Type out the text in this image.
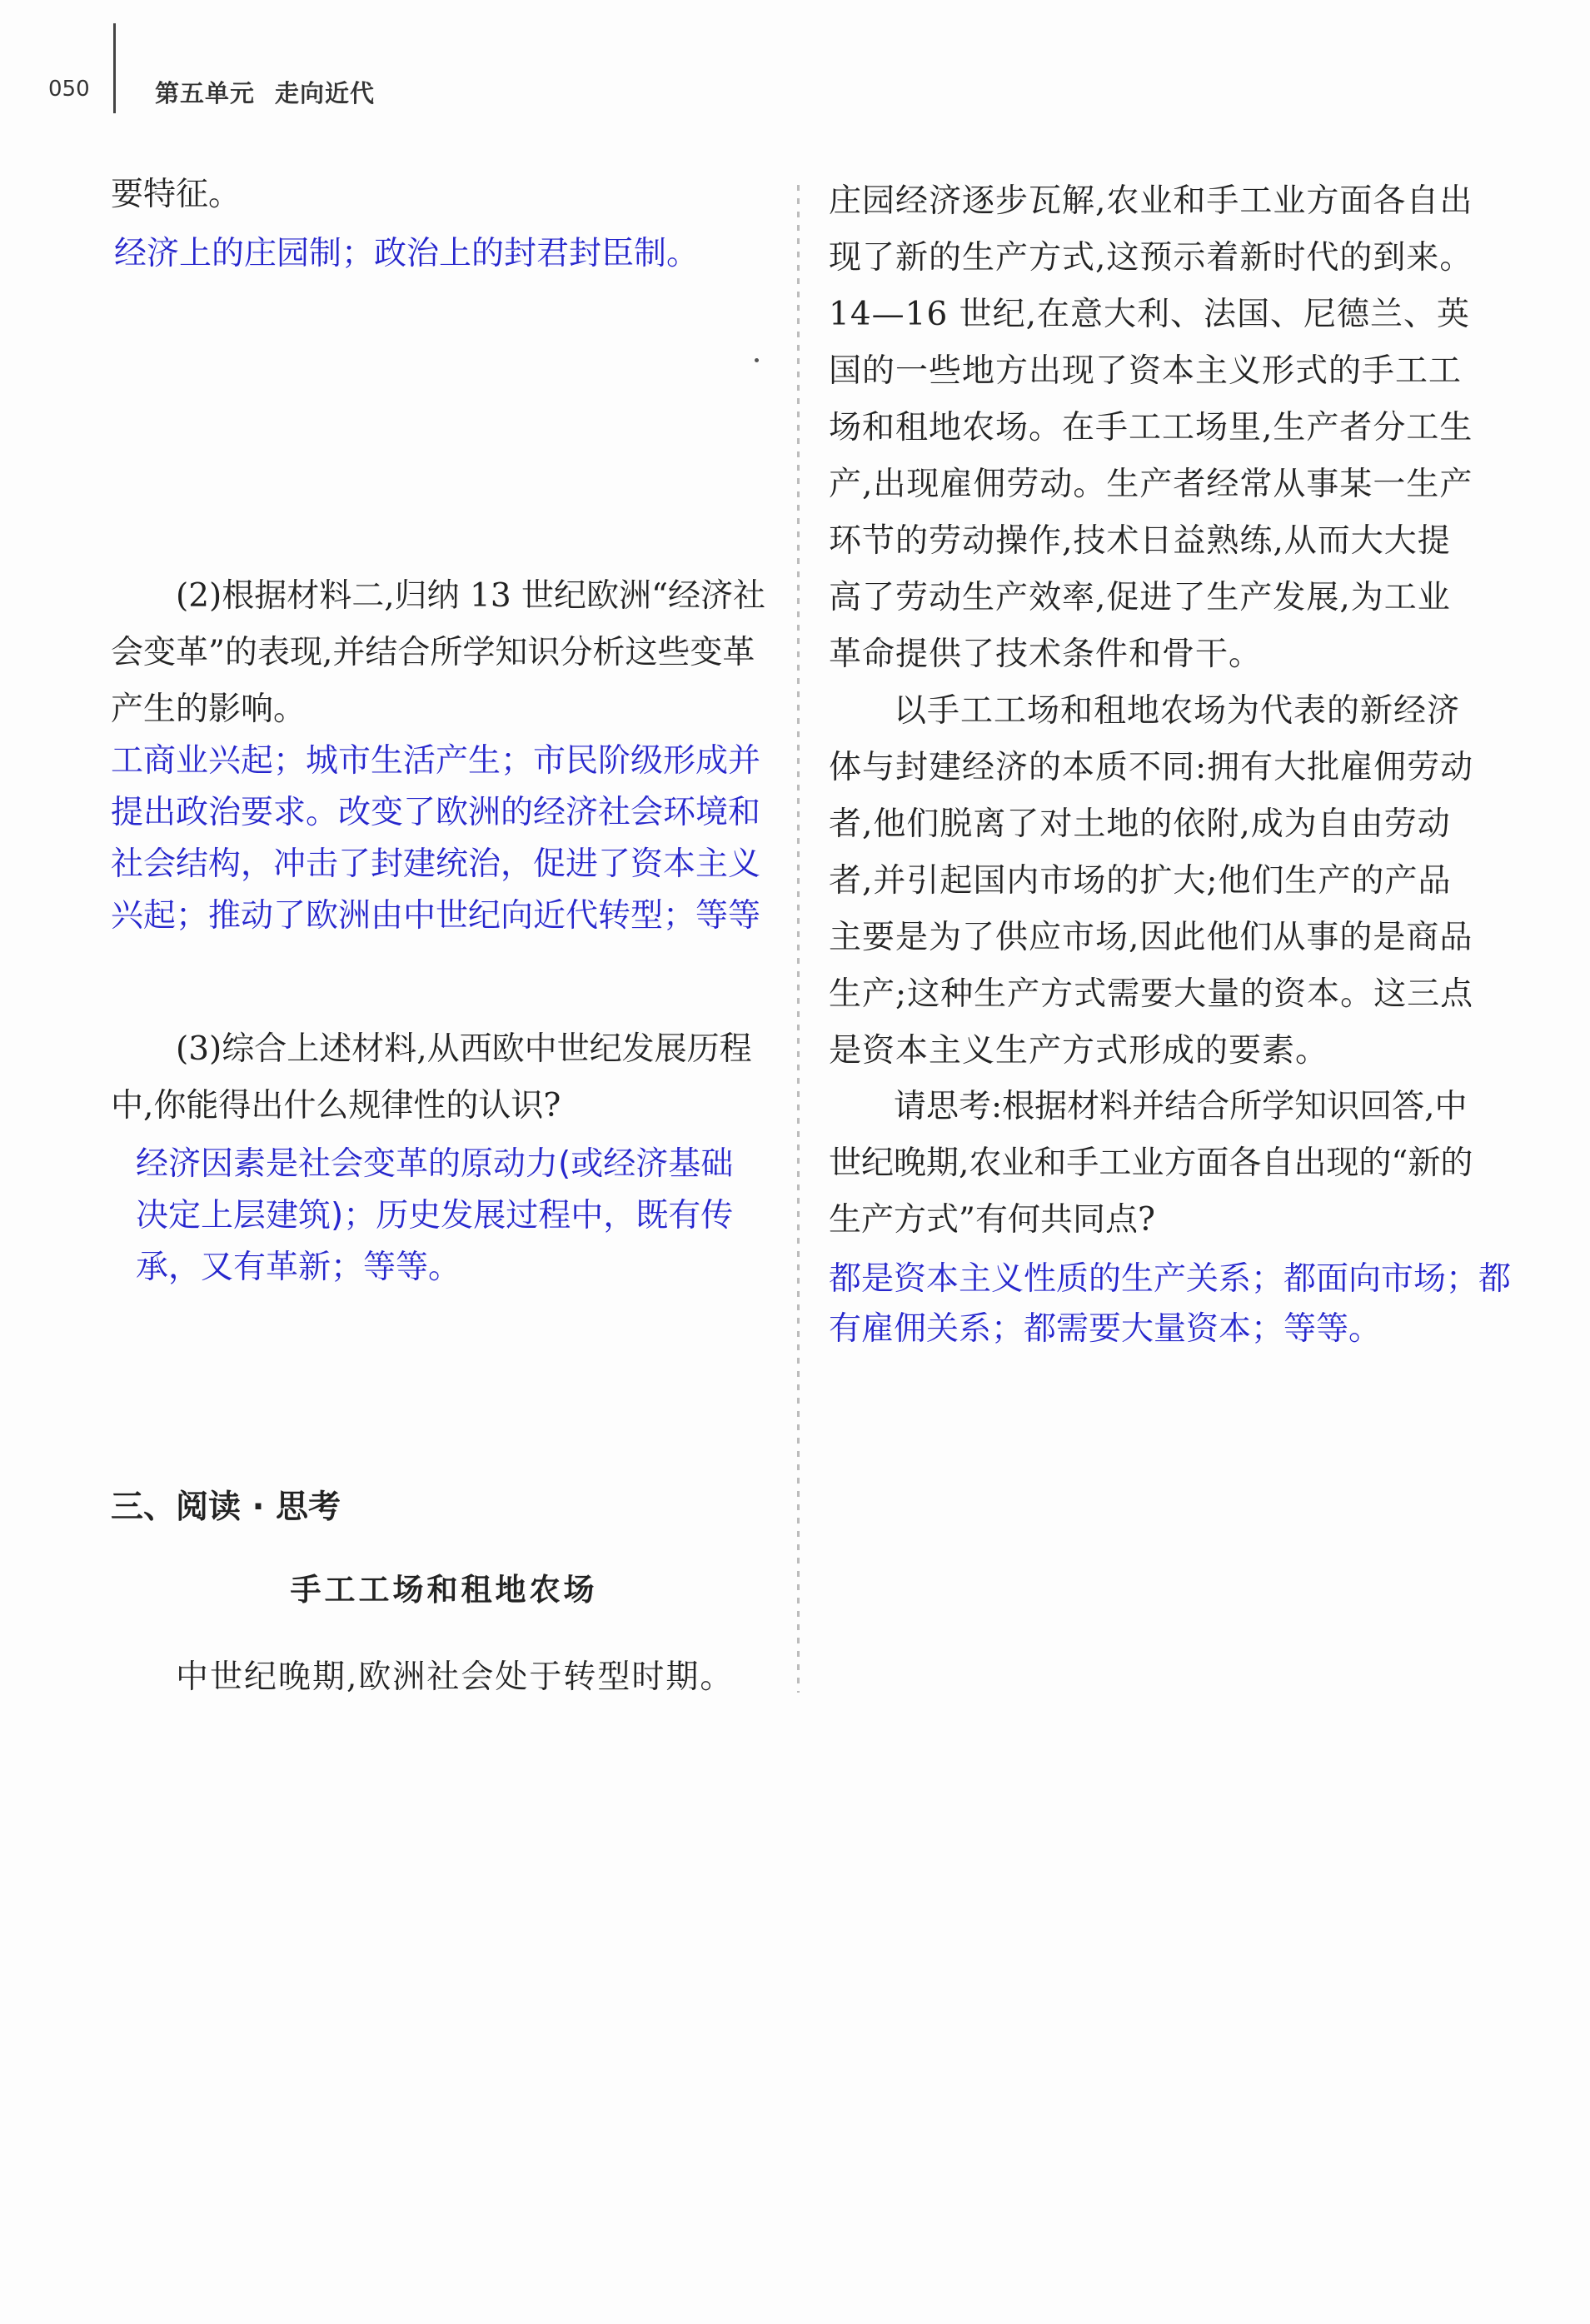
050	第五单元 走向近代

要特征。

经济上的庄园制；政治上的封君封臣制。

(2)根据材料二,归纳 13 世纪欧洲“经济社会变革”的表现,并结合所学知识分析这些变革产生的影响。

工商业兴起；城市生活产生；市民阶级形成并提出政治要求。改变了欧洲的经济社会环境和社会结构，冲击了封建统治，促进了资本主义兴起；推动了欧洲由中世纪向近代转型；等等

(3)综合上述材料,从西欧中世纪发展历程中,你能得出什么规律性的认识?

经济因素是社会变革的原动力(或经济基础决定上层建筑)；历史发展过程中，既有传承，又有革新；等等。

三、阅读 · 思考
手工工场和租地农场

中世纪晚期,欧洲社会处于转型时期。

庄园经济逐步瓦解,农业和手工业方面各自出现了新的生产方式,这预示着新时代的到来。14—16 世纪,在意大利、法国、尼德兰、英国的一些地方出现了资本主义形式的手工工场和租地农场。在手工工场里,生产者分工生产,出现雇佣劳动。生产者经常从事某一生产环节的劳动操作,技术日益熟练,从而大大提高了劳动生产效率,促进了生产发展,为工业革命提供了技术条件和骨干。

以手工工场和租地农场为代表的新经济体与封建经济的本质不同:拥有大批雇佣劳动者,他们脱离了对土地的依附,成为自由劳动者,并引起国内市场的扩大;他们生产的产品主要是为了供应市场,因此他们从事的是商品生产;这种生产方式需要大量的资本。这三点是资本主义生产方式形成的要素。

请思考:根据材料并结合所学知识回答,中世纪晚期,农业和手工业方面各自出现的“新的生产方式”有何共同点?

都是资本主义性质的生产关系；都面向市场；都有雇佣关系；都需要大量资本；等等。
